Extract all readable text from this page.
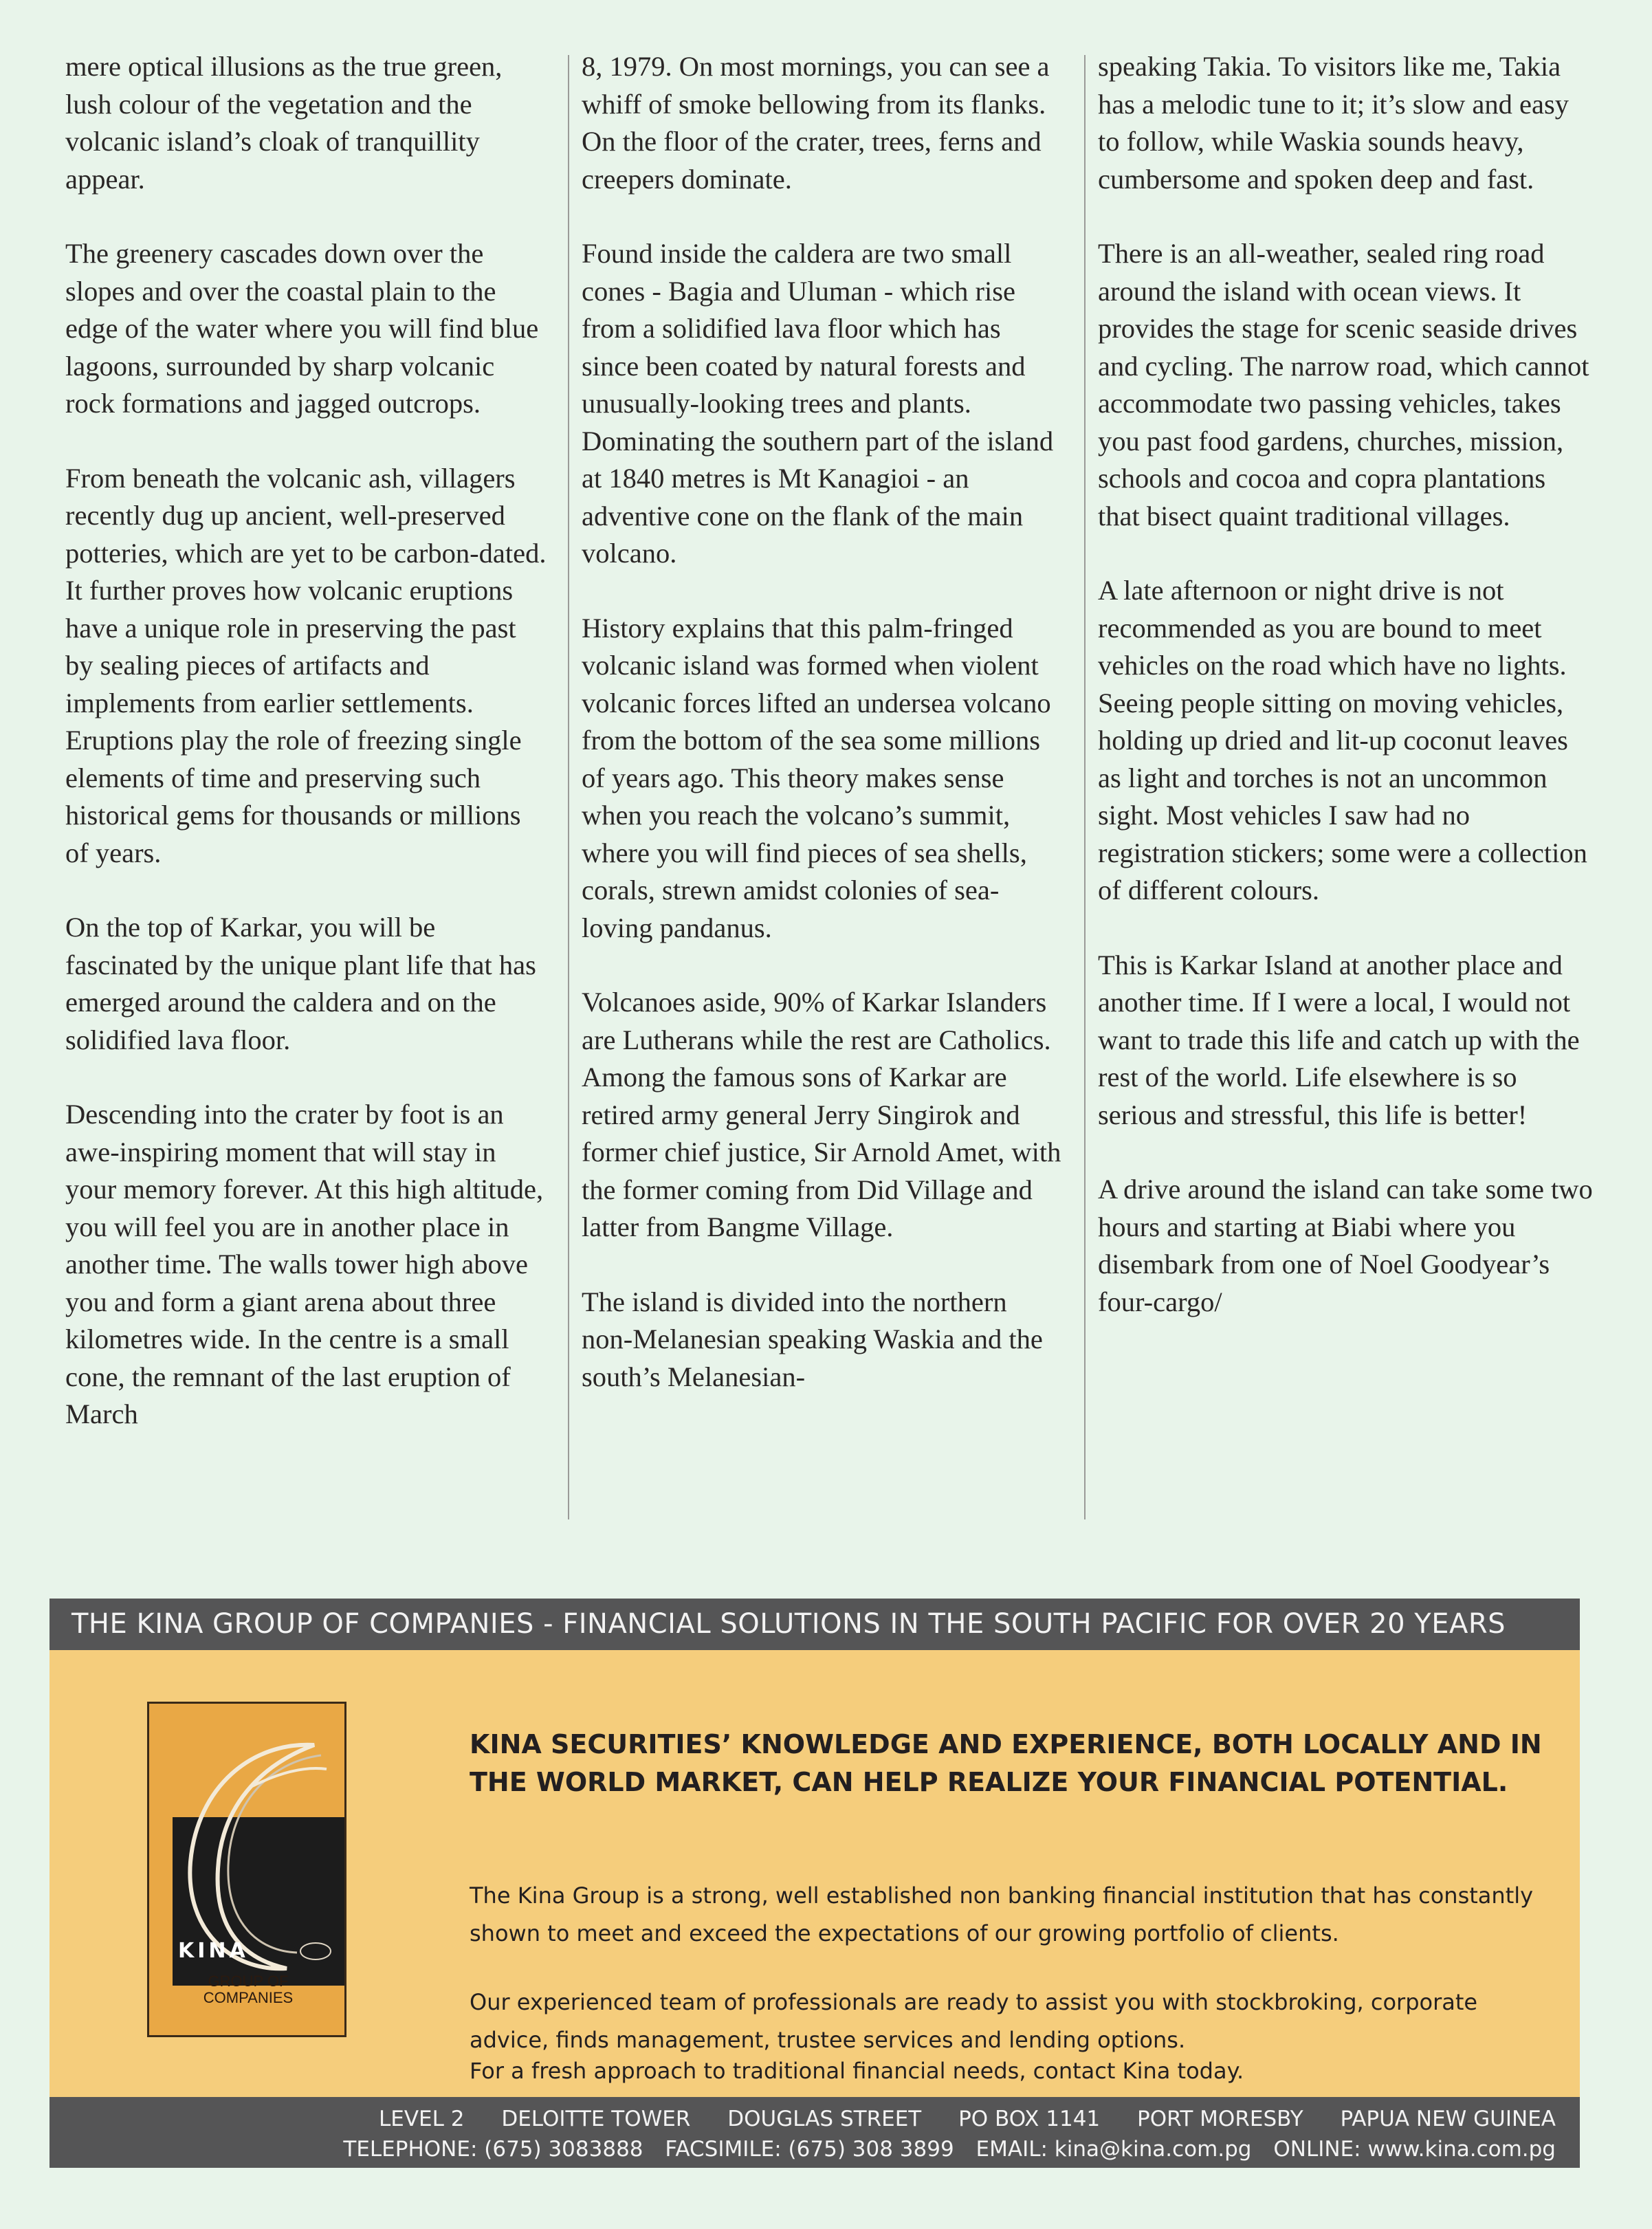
mere optical illusions as the true green, lush colour of the vegetation and the volcanic island’s cloak of tranquillity appear.

The greenery cascades down over the slopes and over the coastal plain to the edge of the water where you will find blue lagoons, surrounded by sharp volcanic rock formations and jagged outcrops.

From beneath the volcanic ash, villagers recently dug up ancient, well-preserved potteries, which are yet to be carbon-dated. It further proves how volcanic eruptions have a unique role in preserving the past by sealing pieces of artifacts and implements from earlier settlements. Eruptions play the role of freezing single elements of time and preserving such historical gems for thousands or millions of years.

On the top of Karkar, you will be fascinated by the unique plant life that has emerged around the caldera and on the solidified lava floor.

Descending into the crater by foot is an awe-inspiring moment that will stay in your memory forever. At this high altitude, you will feel you are in another place in another time. The walls tower high above you and form a giant arena about three kilometres wide. In the centre is a small cone, the remnant of the last eruption of March

8, 1979. On most mornings, you can see a whiff of smoke bellowing from its flanks. On the floor of the crater, trees, ferns and creepers dominate.

Found inside the caldera are two small cones - Bagia and Uluman - which rise from a solidified lava floor which has since been coated by natural forests and unusually-looking trees and plants. Dominating the southern part of the island at 1840 metres is Mt Kanagioi - an adventive cone on the flank of the main volcano.

History explains that this palm-fringed volcanic island was formed when violent volcanic forces lifted an undersea volcano from the bottom of the sea some millions of years ago. This theory makes sense when you reach the volcano’s summit, where you will find pieces of sea shells, corals, strewn amidst colonies of sea-loving pandanus.

Volcanoes aside, 90% of Karkar Islanders are Lutherans while the rest are Catholics. Among the famous sons of Karkar are retired army general Jerry Singirok and former chief justice, Sir Arnold Amet, with the former coming from Did Village and latter from Bangme Village.

The island is divided into the northern non-Melanesian speaking Waskia and the south’s Melanesian-

speaking Takia. To visitors like me, Takia has a melodic tune to it; it’s slow and easy to follow, while Waskia sounds heavy, cumbersome and spoken deep and fast.

There is an all-weather, sealed ring road around the island with ocean views. It provides the stage for scenic seaside drives and cycling. The narrow road, which cannot accommodate two passing vehicles, takes you past food gardens, churches, mission, schools and cocoa and copra plantations that bisect quaint traditional villages.

A late afternoon or night drive is not recommended as you are bound to meet vehicles on the road which have no lights. Seeing people sitting on moving vehicles, holding up dried and lit-up coconut leaves as light and torches is not an uncommon sight. Most vehicles I saw had no registration stickers; some were a collection of different colours.

This is Karkar Island at another place and another time. If I were a local, I would not want to trade this life and catch up with the rest of the world. Life elsewhere is so serious and stressful, this life is better!

A drive around the island can take some two hours and starting at Biabi where you disembark from one of Noel Goodyear’s four-cargo/

THE KINA GROUP OF COMPANIES - FINANCIAL SOLUTIONS IN THE SOUTH PACIFIC FOR OVER 20 YEARS
KINA
GROUP OF
COMPANIES
KINA SECURITIES’ KNOWLEDGE AND EXPERIENCE, BOTH LOCALLY AND IN THE WORLD MARKET, CAN HELP REALIZE YOUR FINANCIAL POTENTIAL.

The Kina Group is a strong, well established non banking financial institution that has constantly shown to meet and exceed the expectations of our growing portfolio of clients.

Our experienced team of professionals are ready to assist you with stockbroking, corporate advice, finds management, trustee services and lending options.

For a fresh approach to traditional financial needs, contact Kina today.

LEVEL 2 DELOITTE TOWER DOUGLAS STREET PO BOX 1141 PORT MORESBY PAPUA NEW GUINEA
TELEPHONE: (675) 3083888 FACSIMILE: (675) 308 3899 EMAIL: kina@kina.com.pg ONLINE: www.kina.com.pg
